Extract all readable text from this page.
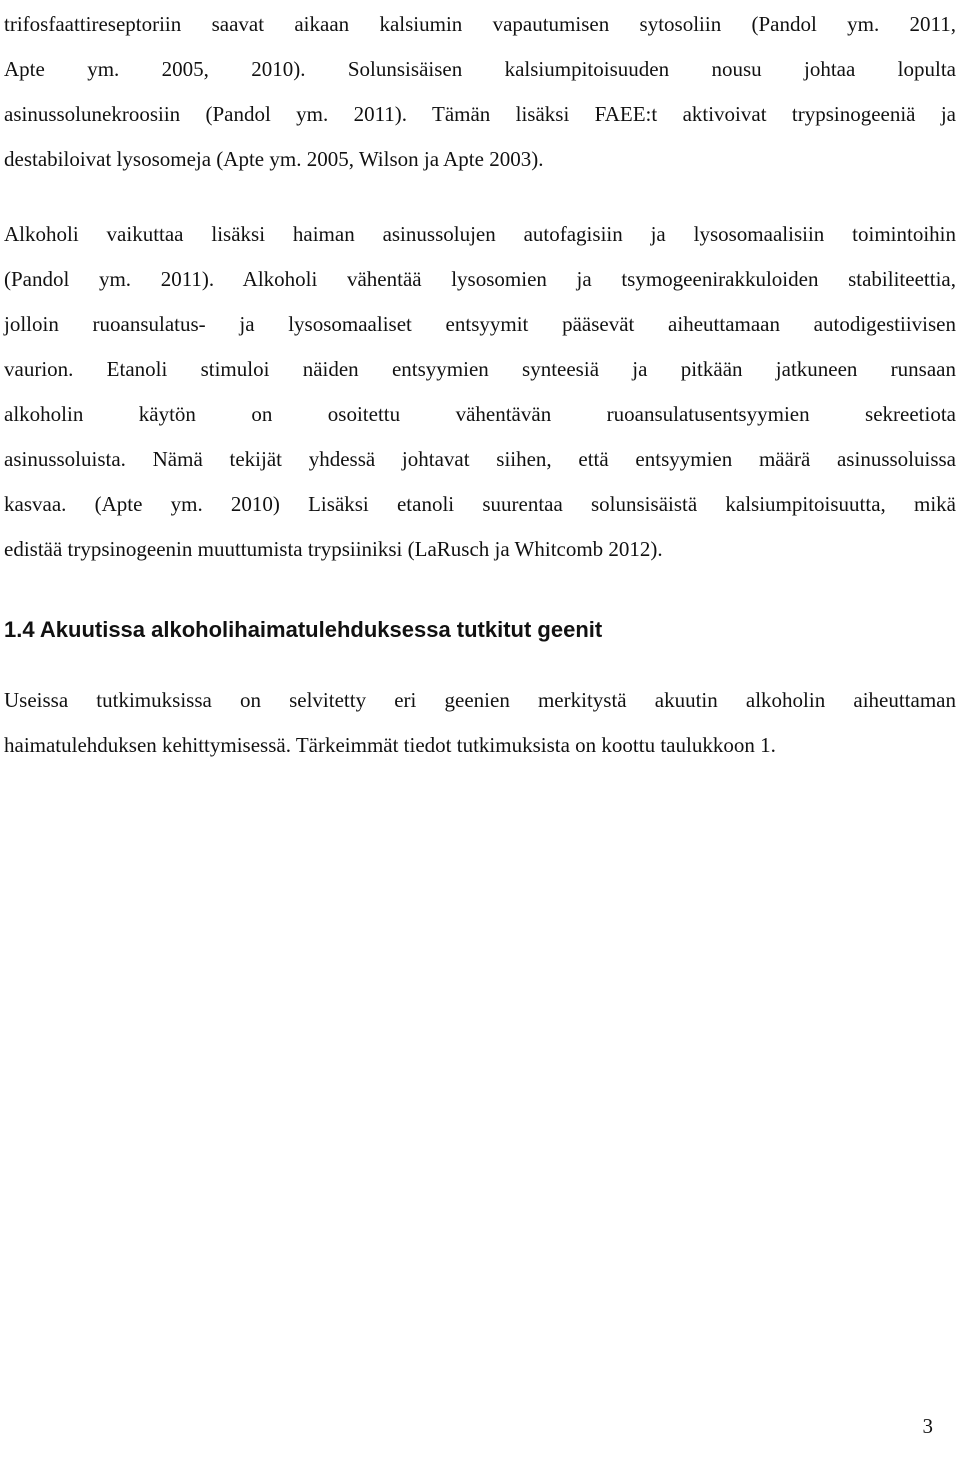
trifosfaattireseptoriin saavat aikaan kalsiumin vapautumisen sytosoliin (Pandol ym. 2011,
Apte ym. 2005, 2010). Solunsisäisen kalsiumpitoisuuden nousu johtaa lopulta
asinussolunekroosiin (Pandol ym. 2011). Tämän lisäksi FAEE:t aktivoivat trypsinogeeniä ja
destabiloivat lysosomeja (Apte ym. 2005, Wilson ja Apte 2003).

Alkoholi vaikuttaa lisäksi haiman asinussolujen autofagisiin ja lysosomaalisiin toimintoihin
(Pandol ym. 2011). Alkoholi vähentää lysosomien ja tsymogeenirakkuloiden stabiliteettia,
jolloin ruoansulatus- ja lysosomaaliset entsyymit pääsevät aiheuttamaan autodigestiivisen
vaurion. Etanoli stimuloi näiden entsyymien synteesiä ja pitkään jatkuneen runsaan
alkoholin käytön on osoitettu vähentävän ruoansulatusentsyymien sekreetiota
asinussoluista. Nämä tekijät yhdessä johtavat siihen, että entsyymien määrä asinussoluissa
kasvaa. (Apte ym. 2010) Lisäksi etanoli suurentaa solunsisäistä kalsiumpitoisuutta, mikä
edistää trypsinogeenin muuttumista trypsiiniksi (LaRusch ja Whitcomb 2012).

1.4 Akuutissa alkoholihaimatulehduksessa tutkitut geenit

Useissa tutkimuksissa on selvitetty eri geenien merkitystä akuutin alkoholin aiheuttaman
haimatulehduksen kehittymisessä. Tärkeimmät tiedot tutkimuksista on koottu taulukkoon 1.

3
